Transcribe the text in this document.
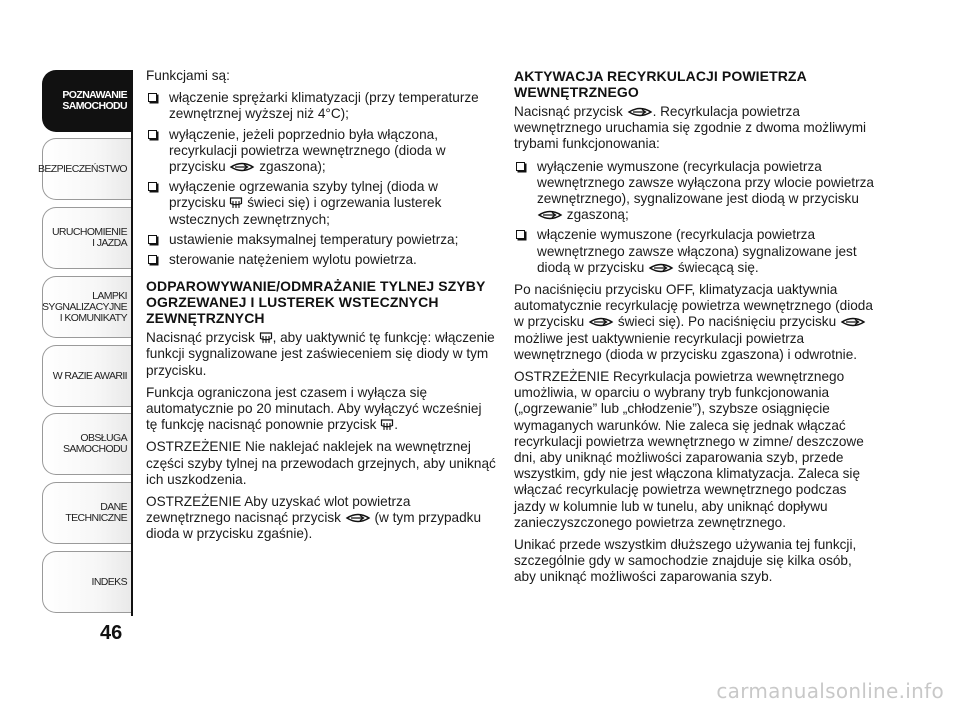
POZNAWANIE
SAMOCHODU
BEZPIECZEŃSTWO
URUCHOMIENIE
I JAZDA
LAMPKI
SYGNALIZACYJNE
I KOMUNIKATY
W RAZIE AWARII
OBSŁUGA
SAMOCHODU
DANE
TECHNICZNE
INDEKS
46

Funkcjami są:

włączenie sprężarki klimatyzacji (przy temperaturze zewnętrznej wyższej niż 4°C);
wyłączenie, jeżeli poprzednio była włączona, recyrkulacji powietrza wewnętrznego (dioda w przycisku zgaszona);
wyłączenie ogrzewania szyby tylnej (dioda w przycisku świeci się) i ogrzewania lusterek wstecznych zewnętrznych;
ustawienie maksymalnej temperatury powietrza;
sterowanie natężeniem wylotu powietrza.
ODPAROWYWANIE/ODMRAŻANIE TYLNEJ SZYBY OGRZEWANEJ I LUSTEREK WSTECZNYCH ZEWNĘTRZNYCH

Nacisnąć przycisk , aby uaktywnić tę funkcję: włączenie funkcji sygnalizowane jest zaświeceniem się diody w tym przycisku.

Funkcja ograniczona jest czasem i wyłącza się automatycznie po 20 minutach. Aby wyłączyć wcześniej tę funkcję nacisnąć ponownie przycisk .

OSTRZEŻENIE Nie naklejać naklejek na wewnętrznej części szyby tylnej na przewodach grzejnych, aby uniknąć ich uszkodzenia.

OSTRZEŻENIE Aby uzyskać wlot powietrza zewnętrznego nacisnąć przycisk (w tym przypadku dioda w przycisku zgaśnie).

AKTYWACJA RECYRKULACJI POWIETRZA WEWNĘTRZNEGO

Nacisnąć przycisk . Recyrkulacja powietrza wewnętrznego uruchamia się zgodnie z dwoma możliwymi trybami funkcjonowania:

wyłączenie wymuszone (recyrkulacja powietrza wewnętrznego zawsze wyłączona przy wlocie powietrza zewnętrznego), sygnalizowane jest diodą w przycisku
zgaszoną;
włączenie wymuszone (recyrkulacja powietrza wewnętrznego zawsze włączona) sygnalizowane jest diodą w przycisku świecącą się.

Po naciśnięciu przycisku OFF, klimatyzacja uaktywnia automatycznie recyrkulację powietrza wewnętrznego (dioda w przycisku świeci się). Po naciśnięciu przycisku
możliwe jest uaktywnienie recyrkulacji powietrza wewnętrznego (dioda w przycisku zgaszona) i odwrotnie.

OSTRZEŻENIE Recyrkulacja powietrza wewnętrznego umożliwia, w oparciu o wybrany tryb funkcjonowania („ogrzewanie” lub „chłodzenie”), szybsze osiągnięcie wymaganych warunków. Nie zaleca się jednak włączać recyrkulacji powietrza wewnętrznego w zimne/ deszczowe dni, aby uniknąć możliwości zaparowania szyb, przede wszystkim, gdy nie jest włączona klimatyzacja. Zaleca się włączać recyrkulację powietrza wewnętrznego podczas jazdy w kolumnie lub w tunelu, aby uniknąć dopływu zanieczyszczonego powietrza zewnętrznego.

Unikać przede wszystkim dłuższego używania tej funkcji, szczególnie gdy w samochodzie znajduje się kilka osób, aby uniknąć możliwości zaparowania szyb.

carmanualsonline.info
